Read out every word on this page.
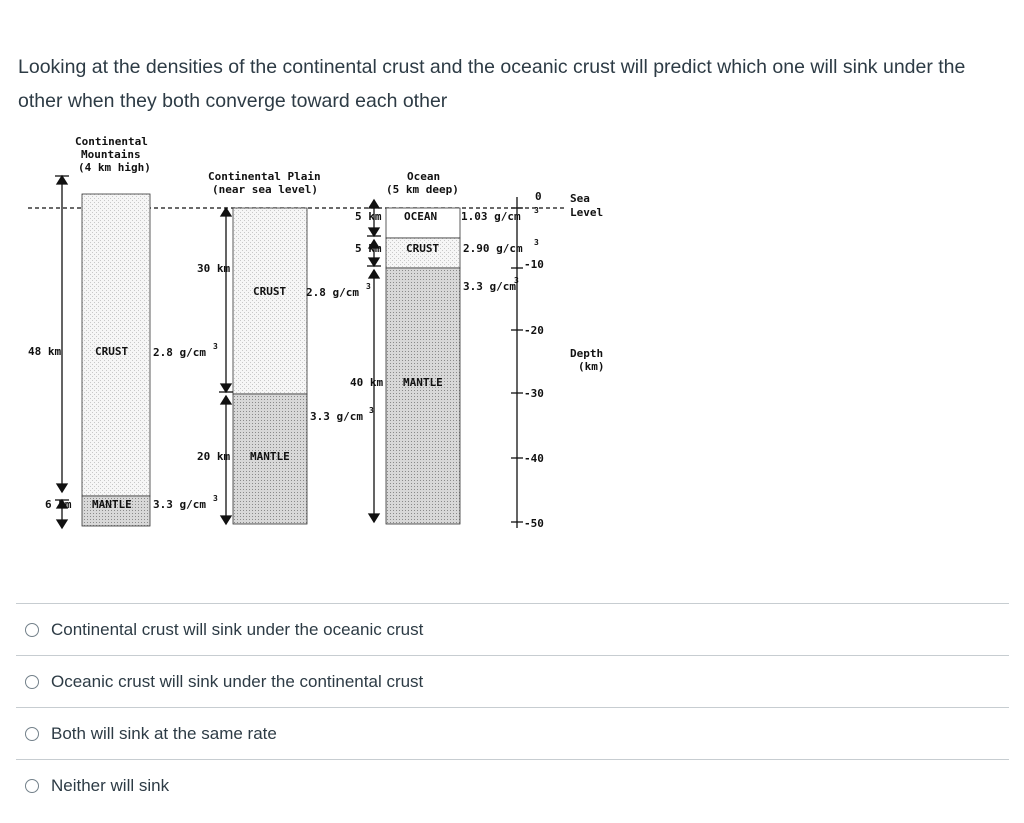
Looking at the densities of the continental crust and the oceanic crust will predict which one will sink under the other when they both converge toward each other

Continental
Mountains
(4 km high)
Continental Plain
(near sea level)
Ocean
(5 km deep)
Sea
Level
Depth
(km)
0
-10
-20
-30
-40
-50
48 km	CRUST 2.8 g/cm 3
6 km MANTLE 3.3 g/cm 3
30 km
CRUST 2.8 g/cm 3
20 km MANTLE
3.3 g/cm 3
5 km OCEAN 1.03 g/cm 3
5 km CRUST 2.90 g/cm 3
3.3 g/cm
3
40 km MANTLE
Continental crust will sink under the oceanic crust
Oceanic crust will sink under the continental crust
Both will sink at the same rate
Neither will sink
